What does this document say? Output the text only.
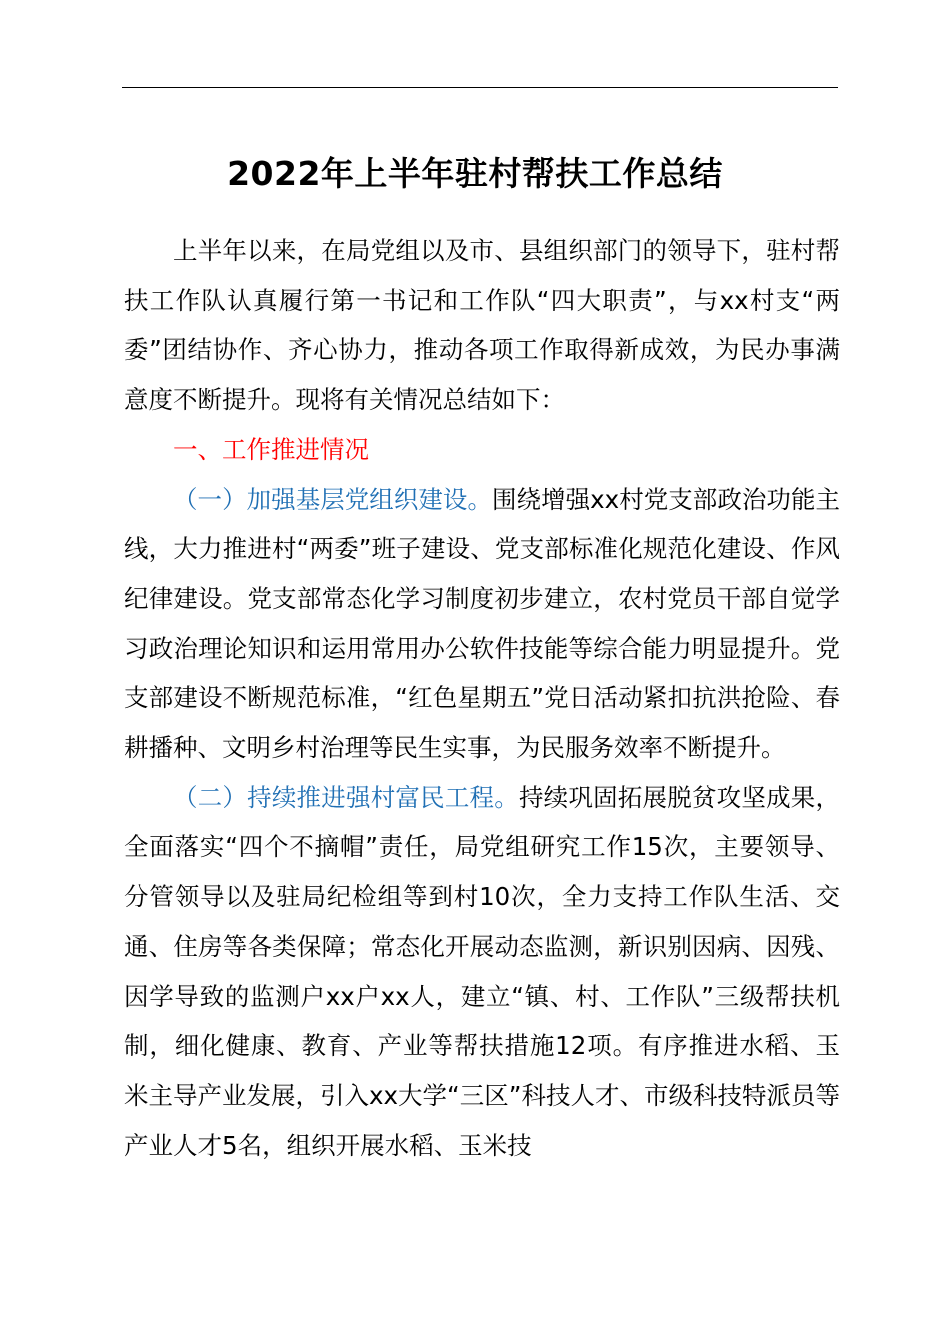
2022年上半年驻村帮扶工作总结

上半年以来，在局党组以及市、县组织部门的领导下，驻村帮扶工作队认真履行第一书记和工作队“四大职责”，与xx村支“两委”团结协作、齐心协力，推动各项工作取得新成效，为民办事满意度不断提升。现将有关情况总结如下：

一、工作推进情况

（一）加强基层党组织建设。围绕增强xx村党支部政治功能主线，大力推进村“两委”班子建设、党支部标准化规范化建设、作风纪律建设。党支部常态化学习制度初步建立，农村党员干部自觉学习政治理论知识和运用常用办公软件技能等综合能力明显提升。党支部建设不断规范标准，“红色星期五”党日活动紧扣抗洪抢险、春耕播种、文明乡村治理等民生实事，为民服务效率不断提升。

（二）持续推进强村富民工程。持续巩固拓展脱贫攻坚成果，全面落实“四个不摘帽”责任，局党组研究工作15次，主要领导、分管领导以及驻局纪检组等到村10次，全力支持工作队生活、交通、住房等各类保障；常态化开展动态监测，新识别因病、因残、因学导致的监测户xx户xx人，建立“镇、村、工作队”三级帮扶机制，细化健康、教育、产业等帮扶措施12项。有序推进水稻、玉米主导产业发展，引入xx大学“三区”科技人才、市级科技特派员等产业人才5名，组织开展水稻、玉米技
